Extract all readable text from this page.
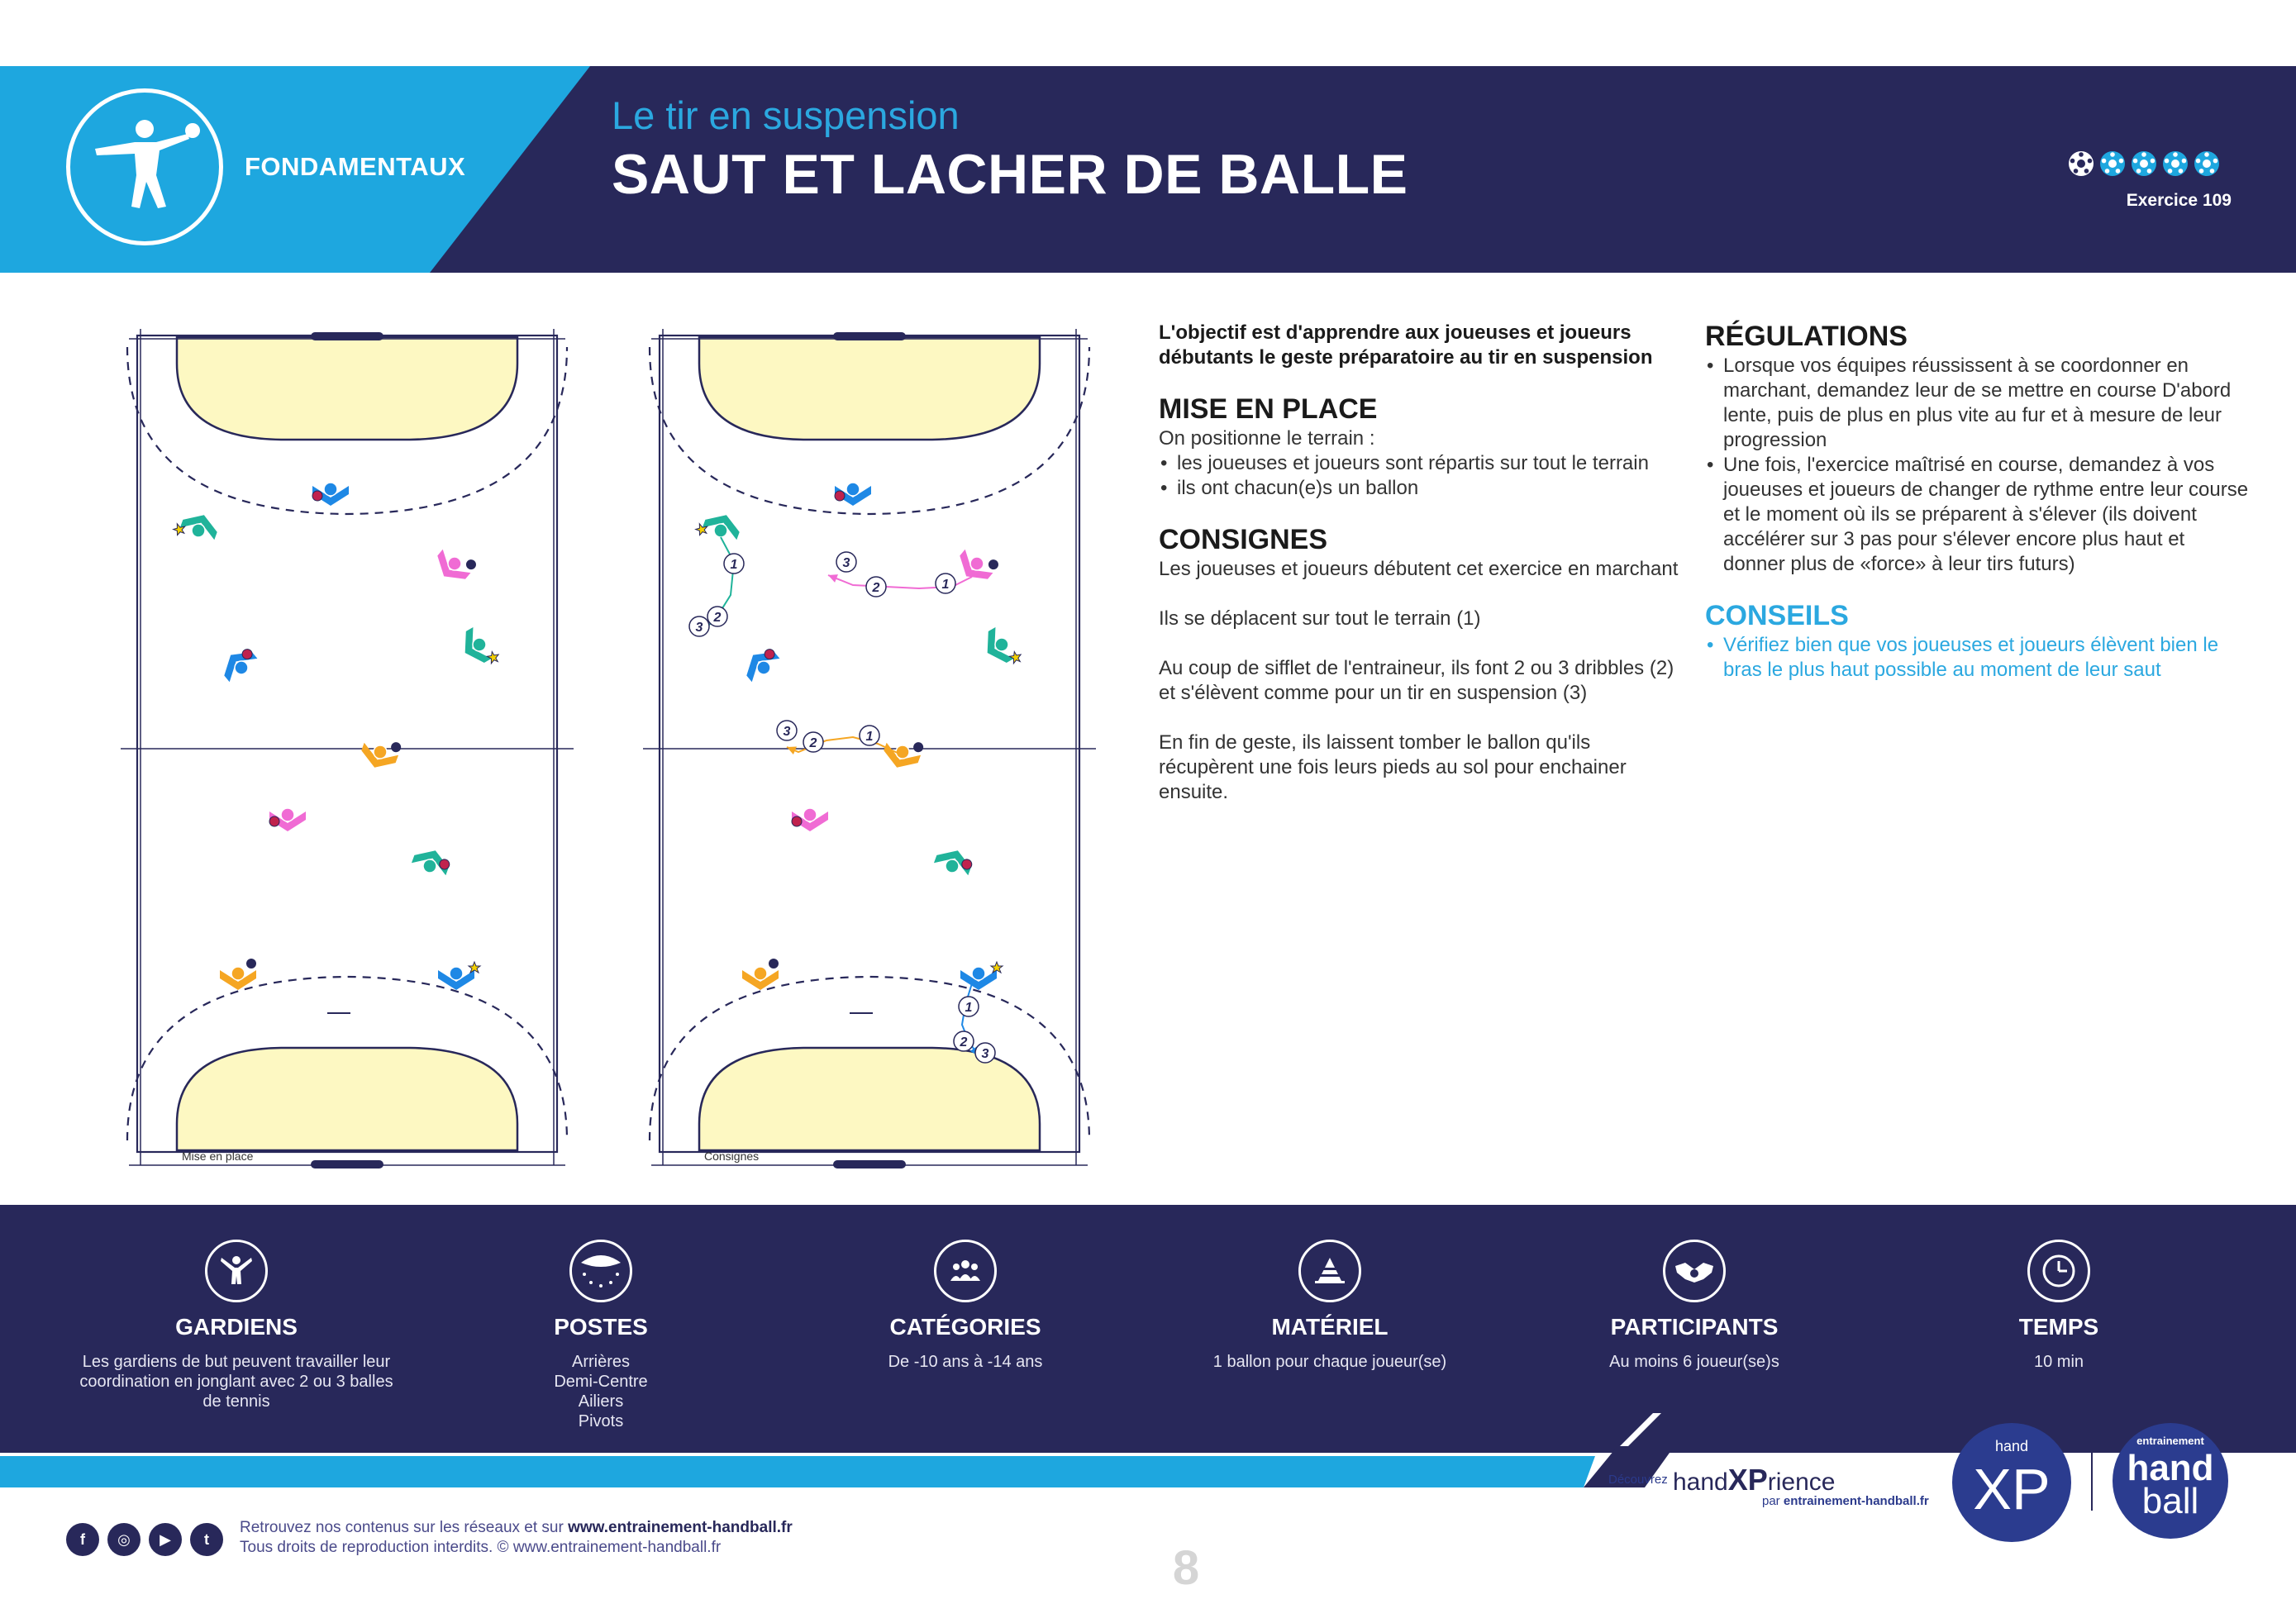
FONDAMENTAUX
Le tir en suspension
SAUT ET LACHER DE BALLE	Exercice 109
Mise en place	Consignes
1
2
3
1
2
3
1
2
3
1
2
3
L'objectif est d'apprendre aux joueuses et joueurs débutants le geste préparatoire au tir en suspension
MISE EN PLACE
On positionne le terrain :
• les joueuses et joueurs sont répartis sur tout le terrain
• ils ont chacun(e)s un ballon
CONSIGNES
Les joueuses et joueurs débutent cet exercice en marchant
Ils se déplacent sur tout le terrain (1)
Au coup de sifflet de l'entraineur, ils font 2 ou 3 dribbles (2) et s'élèvent comme pour un tir en suspension (3)
En fin de geste, ils laissent tomber le ballon qu'ils récupèrent une fois leurs pieds au sol pour enchainer ensuite.
RÉGULATIONS
• Lorsque vos équipes réussissent à se coordonner en marchant, demandez leur de se mettre en course D'abord lente, puis de plus en plus vite au fur et à mesure de leur progression
• Une fois, l'exercice maîtrisé en course, demandez à vos joueuses et joueurs de changer de rythme entre leur course et le moment où ils se préparent à s'élever (ils doivent accélérer sur 3 pas pour s'élever encore plus haut et donner plus de «force» à leur tirs futurs)
CONSEILS
• Vérifiez bien que vos joueuses et joueurs élèvent bien le bras le plus haut possible au moment de leur saut
GARDIENS
Les gardiens de but peuvent travailler leur coordination en jonglant avec 2 ou 3 balles de tennis
POSTES
Arrières
Demi-Centre
Ailiers
Pivots
CATÉGORIES
De -10 ans à -14 ans
MATÉRIEL
1 ballon pour chaque joueur(se)
PARTICIPANTS
Au moins 6 joueur(se)s
TEMPS
10 min
Découvrez handXPrience
par entrainement-handball.fr
hand
XP
entrainement
hand
ball
f	◎	▶	t
Retrouvez nos contenus sur les réseaux et sur www.entrainement-handball.fr
Tous droits de reproduction interdits. © www.entrainement-handball.fr	8
